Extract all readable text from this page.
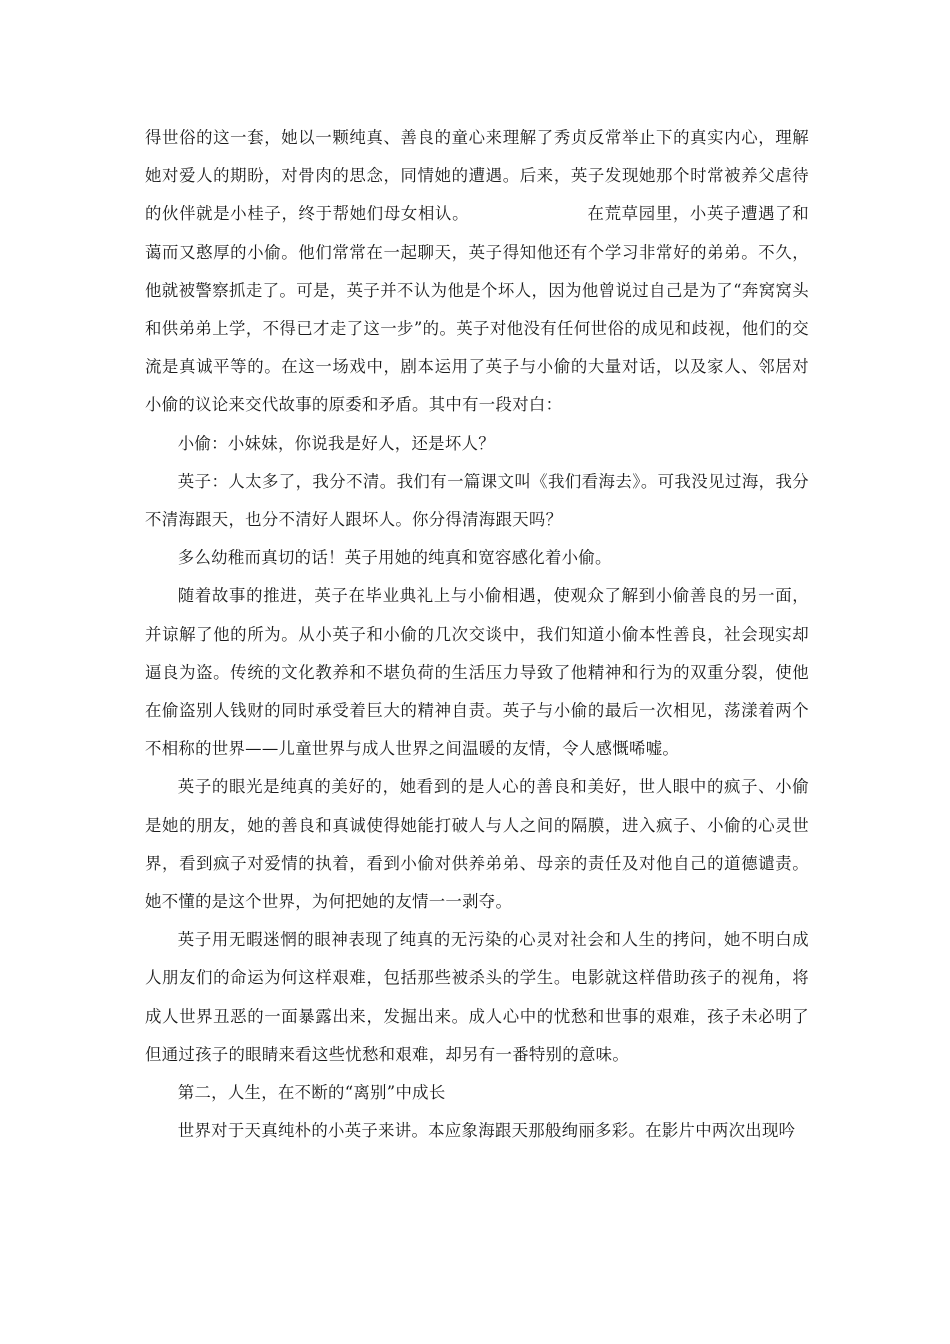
得世俗的这一套，她以一颗纯真、善良的童心来理解了秀贞反常举止下的真实内心，理解她对爱人的期盼，对骨肉的思念，同情她的遭遇。后来，英子发现她那个时常被养父虐待的伙伴就是小桂子，终于帮她们母女相认。	在荒草园里，小英子遭遇了和蔼而又憨厚的小偷。他们常常在一起聊天，英子得知他还有个学习非常好的弟弟。不久，他就被警察抓走了。可是，英子并不认为他是个坏人，因为他曾说过自己是为了“奔窝窝头和供弟弟上学，不得已才走了这一步”的。英子对他没有任何世俗的成见和歧视，他们的交流是真诚平等的。在这一场戏中，剧本运用了英子与小偷的大量对话，以及家人、邻居对小偷的议论来交代故事的原委和矛盾。其中有一段对白：

小偷：小妹妹，你说我是好人，还是坏人？

英子：人太多了，我分不清。我们有一篇课文叫《我们看海去》。可我没见过海，我分不清海跟天，也分不清好人跟坏人。你分得清海跟天吗？

多么幼稚而真切的话！英子用她的纯真和宽容感化着小偷。

随着故事的推进，英子在毕业典礼上与小偷相遇，使观众了解到小偷善良的另一面，并谅解了他的所为。从小英子和小偷的几次交谈中，我们知道小偷本性善良，社会现实却逼良为盗。传统的文化教养和不堪负荷的生活压力导致了他精神和行为的双重分裂，使他在偷盗别人钱财的同时承受着巨大的精神自责。英子与小偷的最后一次相见，荡漾着两个不相称的世界——儿童世界与成人世界之间温暖的友情，令人感慨唏嘘。

英子的眼光是纯真的美好的，她看到的是人心的善良和美好，世人眼中的疯子、小偷是她的朋友，她的善良和真诚使得她能打破人与人之间的隔膜，进入疯子、小偷的心灵世界，看到疯子对爱情的执着，看到小偷对供养弟弟、母亲的责任及对他自己的道德谴责。她不懂的是这个世界，为何把她的友情一一剥夺。

英子用无暇迷惘的眼神表现了纯真的无污染的心灵对社会和人生的拷问，她不明白成人朋友们的命运为何这样艰难，包括那些被杀头的学生。电影就这样借助孩子的视角，将成人世界丑恶的一面暴露出来，发掘出来。成人心中的忧愁和世事的艰难，孩子未必明了但通过孩子的眼睛来看这些忧愁和艰难，却另有一番特别的意味。

第二，人生，在不断的“离别”中成长

世界对于天真纯朴的小英子来讲。本应象海跟天那般绚丽多彩。在影片中两次出现吟
